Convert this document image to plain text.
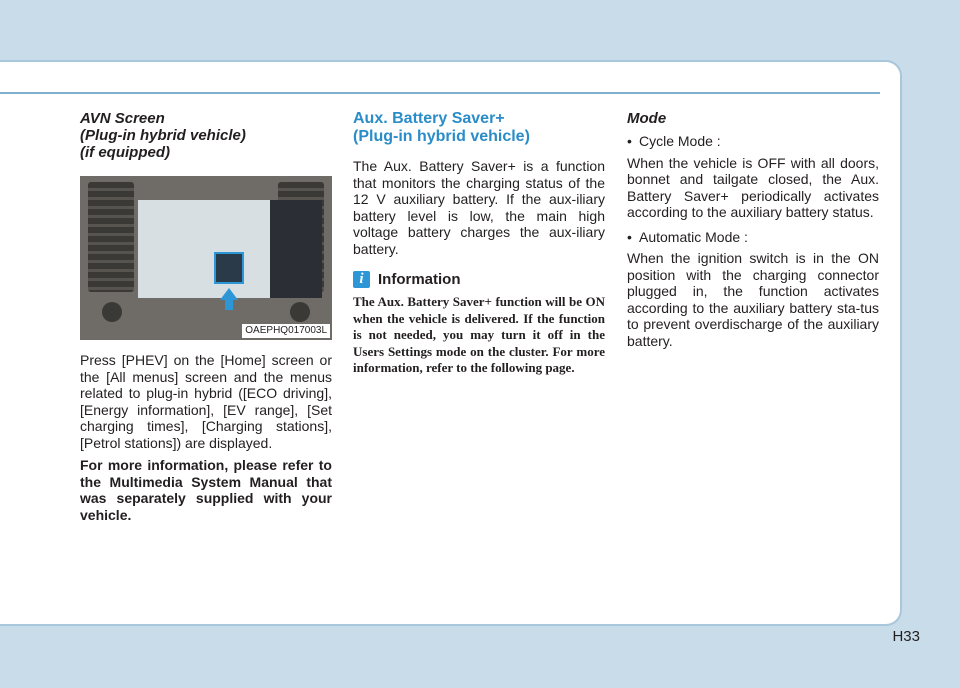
AVN Screen
(Plug-in hybrid vehicle)
(if equipped)
OAEPHQ017003L

Press [PHEV] on the [Home] screen or the [All menus] screen and the menus related to plug-in hybrid ([ECO driving], [Energy information], [EV range], [Set charging times], [Charging stations], [Petrol stations]) are displayed.

For more information, please refer to the Multimedia System Manual that was separately supplied with your vehicle.

Aux. Battery Saver+
(Plug-in hybrid vehicle)

The Aux. Battery Saver+ is a function that monitors the charging status of the 12 V auxiliary battery. If the aux-iliary battery level is low, the main high voltage battery charges the aux-iliary battery.

i Information

The Aux. Battery Saver+ function will be ON when the vehicle is delivered. If the function is not needed, you may turn it off in the Users Settings mode on the cluster. For more information, refer to the following page.

Mode
• Cycle Mode :

When the vehicle is OFF with all doors, bonnet and tailgate closed, the Aux. Battery Saver+ periodically activates according to the auxiliary battery status.

• Automatic Mode :

When the ignition switch is in the ON position with the charging connector plugged in, the function activates according to the auxiliary battery sta-tus to prevent overdischarge of the auxiliary battery.

H33
